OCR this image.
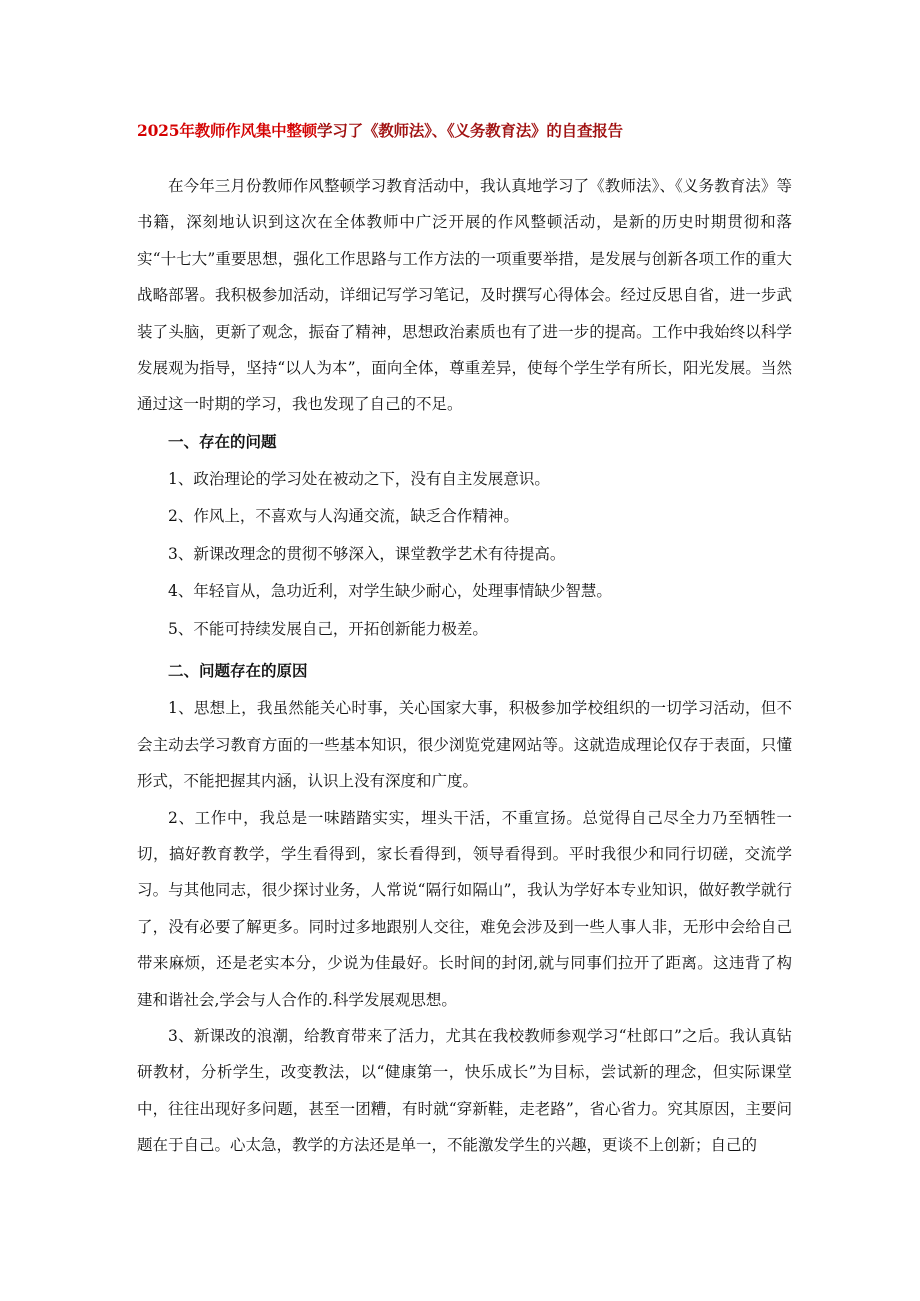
2025年教师作风集中整顿学习了《教师法》、《义务教育法》的自查报告

在今年三月份教师作风整顿学习教育活动中，我认真地学习了《教师法》、《义务教育法》等书籍，深刻地认识到这次在全体教师中广泛开展的作风整顿活动，是新的历史时期贯彻和落实“十七大”重要思想，强化工作思路与工作方法的一项重要举措，是发展与创新各项工作的重大战略部署。我积极参加活动，详细记写学习笔记，及时撰写心得体会。经过反思自省，进一步武装了头脑，更新了观念，振奋了精神，思想政治素质也有了进一步的提高。工作中我始终以科学发展观为指导，坚持“以人为本”，面向全体，尊重差异，使每个学生学有所长，阳光发展。当然通过这一时期的学习，我也发现了自己的不足。

一、存在的问题

1、政治理论的学习处在被动之下，没有自主发展意识。

2、作风上，不喜欢与人沟通交流，缺乏合作精神。

3、新课改理念的贯彻不够深入，课堂教学艺术有待提高。

4、年轻盲从，急功近利，对学生缺少耐心，处理事情缺少智慧。

5、不能可持续发展自己，开拓创新能力极差。

二、问题存在的原因

1、思想上，我虽然能关心时事，关心国家大事，积极参加学校组织的一切学习活动，但不会主动去学习教育方面的一些基本知识，很少浏览党建网站等。这就造成理论仅存于表面，只懂形式，不能把握其内涵，认识上没有深度和广度。

2、工作中，我总是一味踏踏实实，埋头干活，不重宣扬。总觉得自己尽全力乃至牺牲一切，搞好教育教学，学生看得到，家长看得到，领导看得到。平时我很少和同行切磋，交流学习。与其他同志，很少探讨业务，人常说“隔行如隔山”，我认为学好本专业知识，做好教学就行了，没有必要了解更多。同时过多地跟别人交往，难免会涉及到一些人事人非，无形中会给自己带来麻烦，还是老实本分，少说为佳最好。长时间的封闭,就与同事们拉开了距离。这违背了构建和谐社会,学会与人合作的.科学发展观思想。

3、新课改的浪潮，给教育带来了活力，尤其在我校教师参观学习“杜郎口”之后。我认真钻研教材，分析学生，改变教法，以“健康第一，快乐成长”为目标，尝试新的理念，但实际课堂中，往往出现好多问题，甚至一团糟，有时就“穿新鞋，走老路”，省心省力。究其原因，主要问题在于自己。心太急，教学的方法还是单一，不能激发学生的兴趣，更谈不上创新；自己的
